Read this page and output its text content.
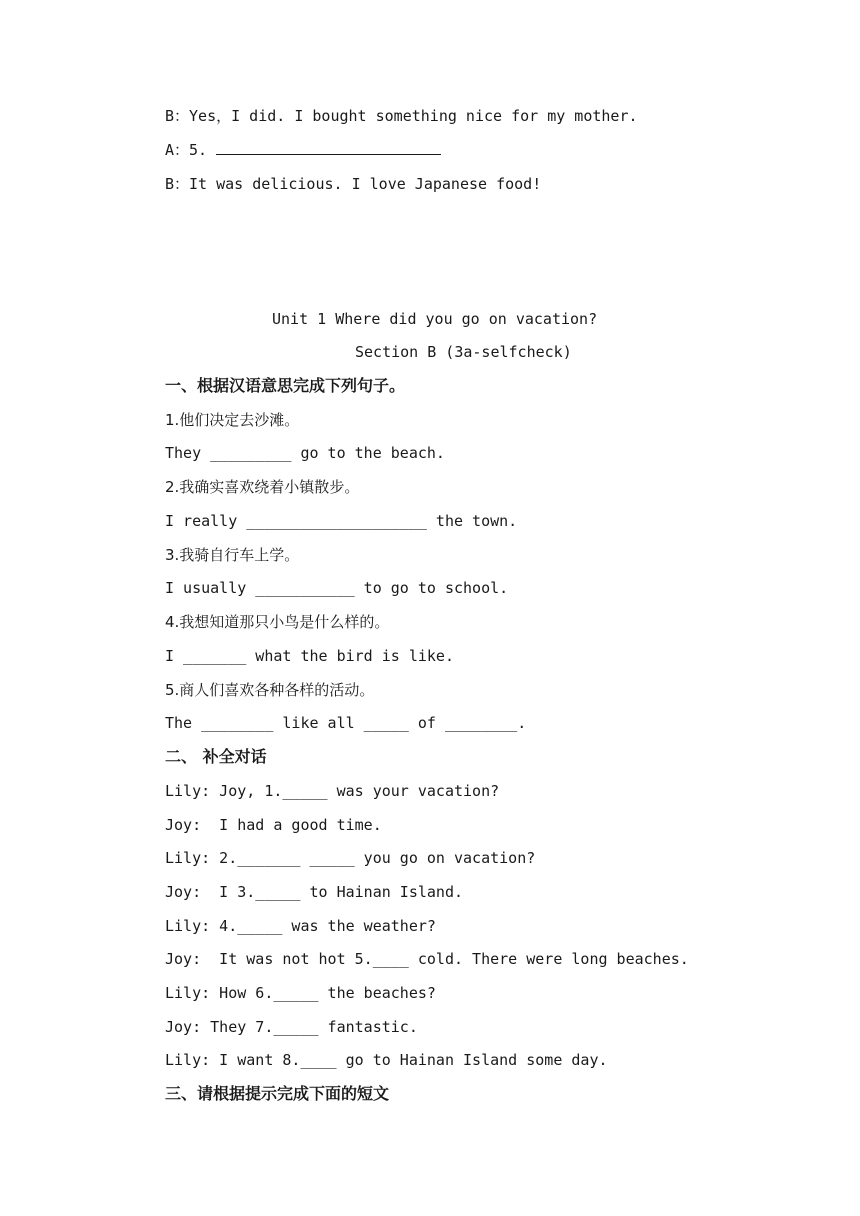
B：Yes，I did. I bought something nice for my mother.
A：5.
B：It was delicious. I love Japanese food!
Unit 1 Where did you go on vacation?
Section B (3a-selfcheck)
一、根据汉语意思完成下列句子。
1.他们决定去沙滩。
They _________ go to the beach.
2.我确实喜欢绕着小镇散步。
I really ____________________ the town.
3.我骑自行车上学。
I usually ___________ to go to school.
4.我想知道那只小鸟是什么样的。
I _______ what the bird is like.
5.商人们喜欢各种各样的活动。
The ________ like all _____ of ________.
二、 补全对话
Lily: Joy, 1._____ was your vacation?
Joy:  I had a good time.
Lily: 2._______ _____ you go on vacation?
Joy:  I 3._____ to Hainan Island.
Lily: 4._____ was the weather?
Joy:  It was not hot 5.____ cold. There were long beaches.
Lily: How 6._____ the beaches?
Joy: They 7._____ fantastic.
Lily: I want 8.____ go to Hainan Island some day.
三、请根据提示完成下面的短文
